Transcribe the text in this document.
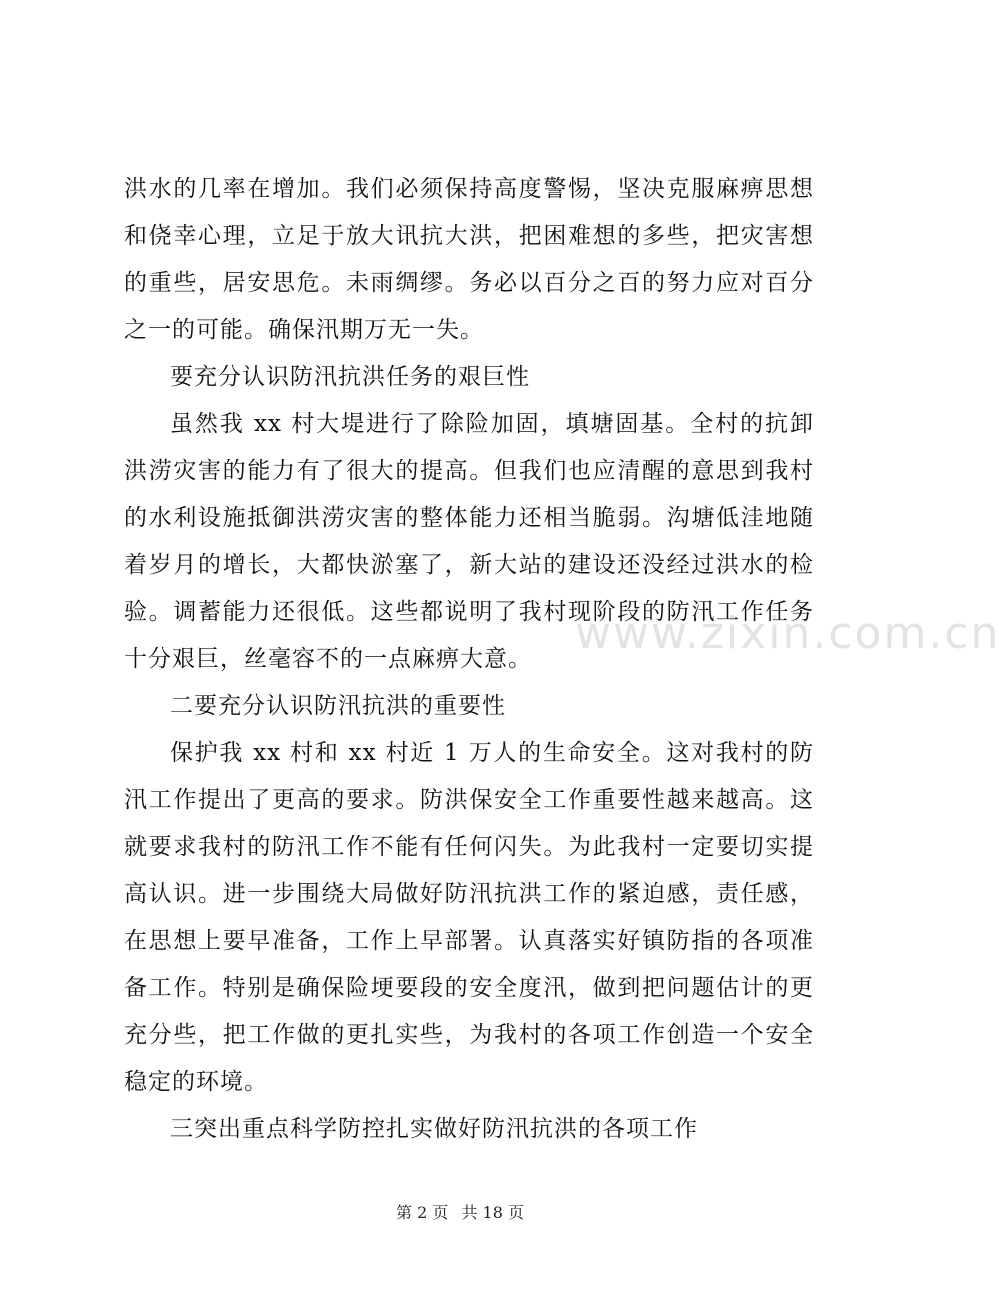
www.zixin.com.cn

洪水的几率在增加。我们必须保持高度警惕，坚决克服麻痹思想和侥幸心理，立足于放大讯抗大洪，把困难想的多些，把灾害想的重些，居安思危。未雨绸缪。务必以百分之百的努力应对百分之一的可能。确保汛期万无一失。

要充分认识防汛抗洪任务的艰巨性

虽然我 xx 村大堤进行了除险加固，填塘固基。全村的抗卸洪涝灾害的能力有了很大的提高。但我们也应清醒的意思到我村的水利设施抵御洪涝灾害的整体能力还相当脆弱。沟塘低洼地随着岁月的增长，大都快淤塞了，新大站的建设还没经过洪水的检验。调蓄能力还很低。这些都说明了我村现阶段的防汛工作任务十分艰巨，丝毫容不的一点麻痹大意。

二要充分认识防汛抗洪的重要性

保护我 xx 村和 xx 村近 1 万人的生命安全。这对我村的防汛工作提出了更高的要求。防洪保安全工作重要性越来越高。这就要求我村的防汛工作不能有任何闪失。为此我村一定要切实提高认识。进一步围绕大局做好防汛抗洪工作的紧迫感，责任感，在思想上要早准备，工作上早部署。认真落实好镇防指的各项准备工作。特别是确保险埂要段的安全度汛，做到把问题估计的更充分些，把工作做的更扎实些，为我村的各项工作创造一个安全稳定的环境。

三突出重点科学防控扎实做好防汛抗洪的各项工作

第 2 页 共 18 页
